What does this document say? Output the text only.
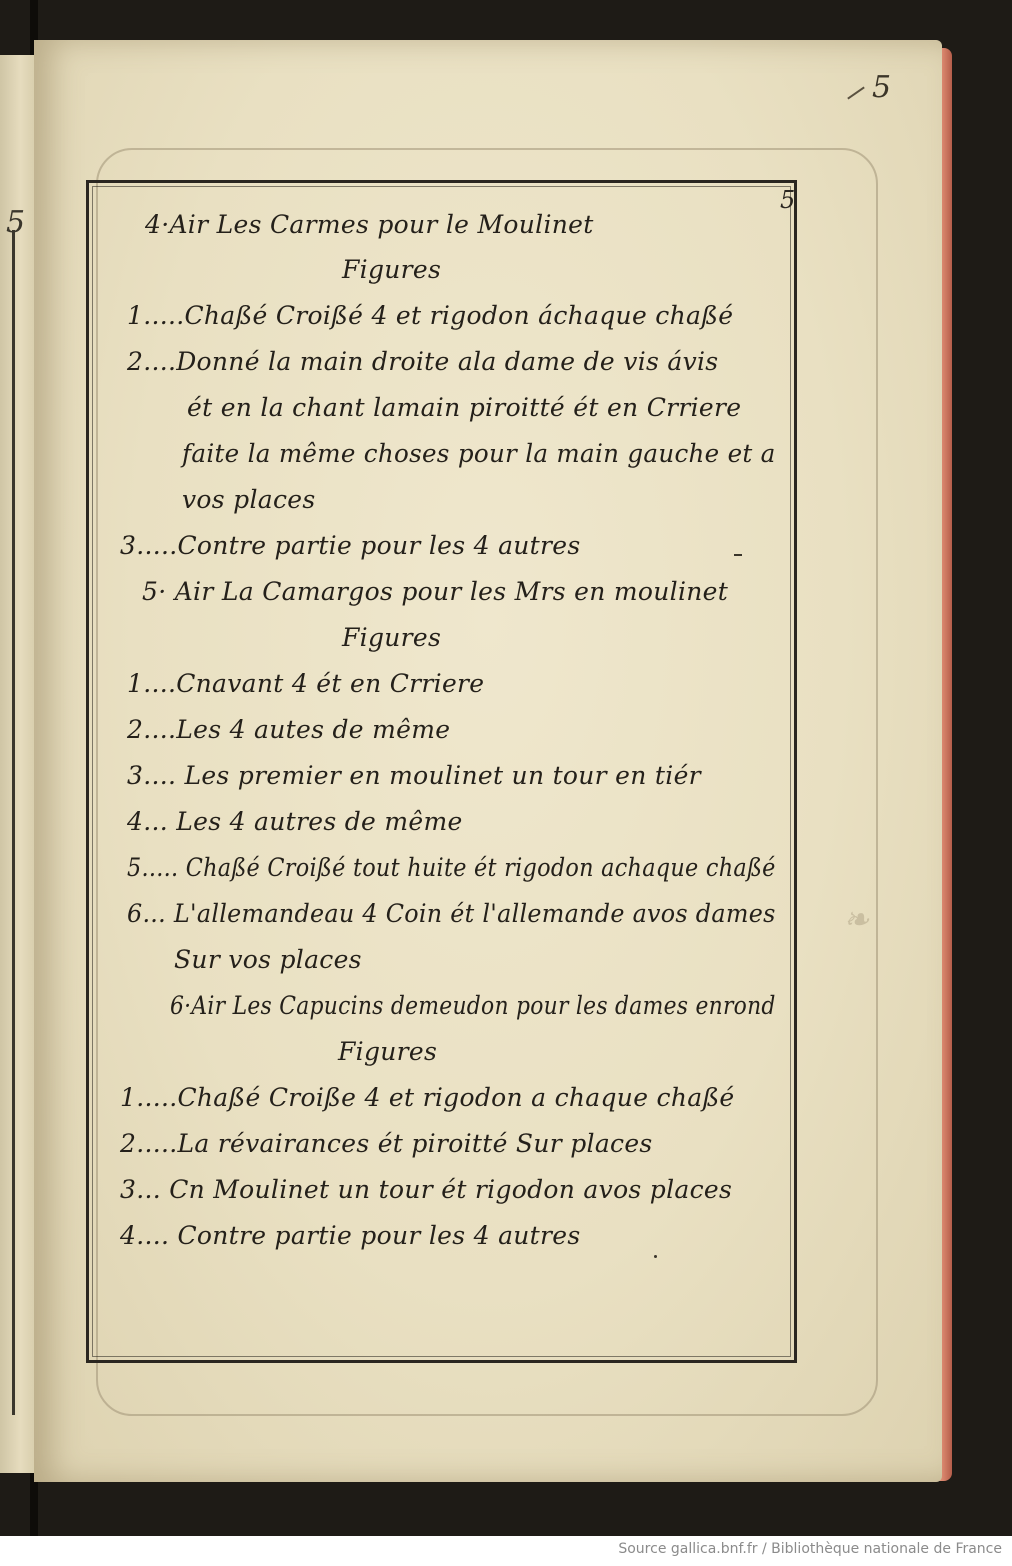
5
5
❧
5
4·Air Les Carmes pour le Moulinet
Figures
1.....Chaßé Croißé 4 et rigodon áchaque chaßé
2....Donné la main droite ala dame de vis ávis
ét en la chant lamain piroitté ét en Crriere
faite la même choses pour la main gauche et a
vos places
3.....Contre partie pour les 4 autres
5· Air La Camargos pour les Mrs en moulinet
Figures
1....Cnavant 4 ét en Crriere
2....Les 4 autes de même
3.... Les premier en moulinet un tour en tiér
4... Les 4 autres de même
5..... Chaßé Croißé tout huite ét rigodon achaque chaßé
6... L'allemandeau 4 Coin ét l'allemande avos dames
Sur vos places
6·Air Les Capucins demeudon pour les dames enrond
Figures
1.....Chaßé Croiße 4 et rigodon a chaque chaßé
2.....La révairances ét piroitté Sur places
3... Cn Moulinet un tour ét rigodon avos places
4.... Contre partie pour les 4 autres
Source gallica.bnf.fr / Bibliothèque nationale de France
